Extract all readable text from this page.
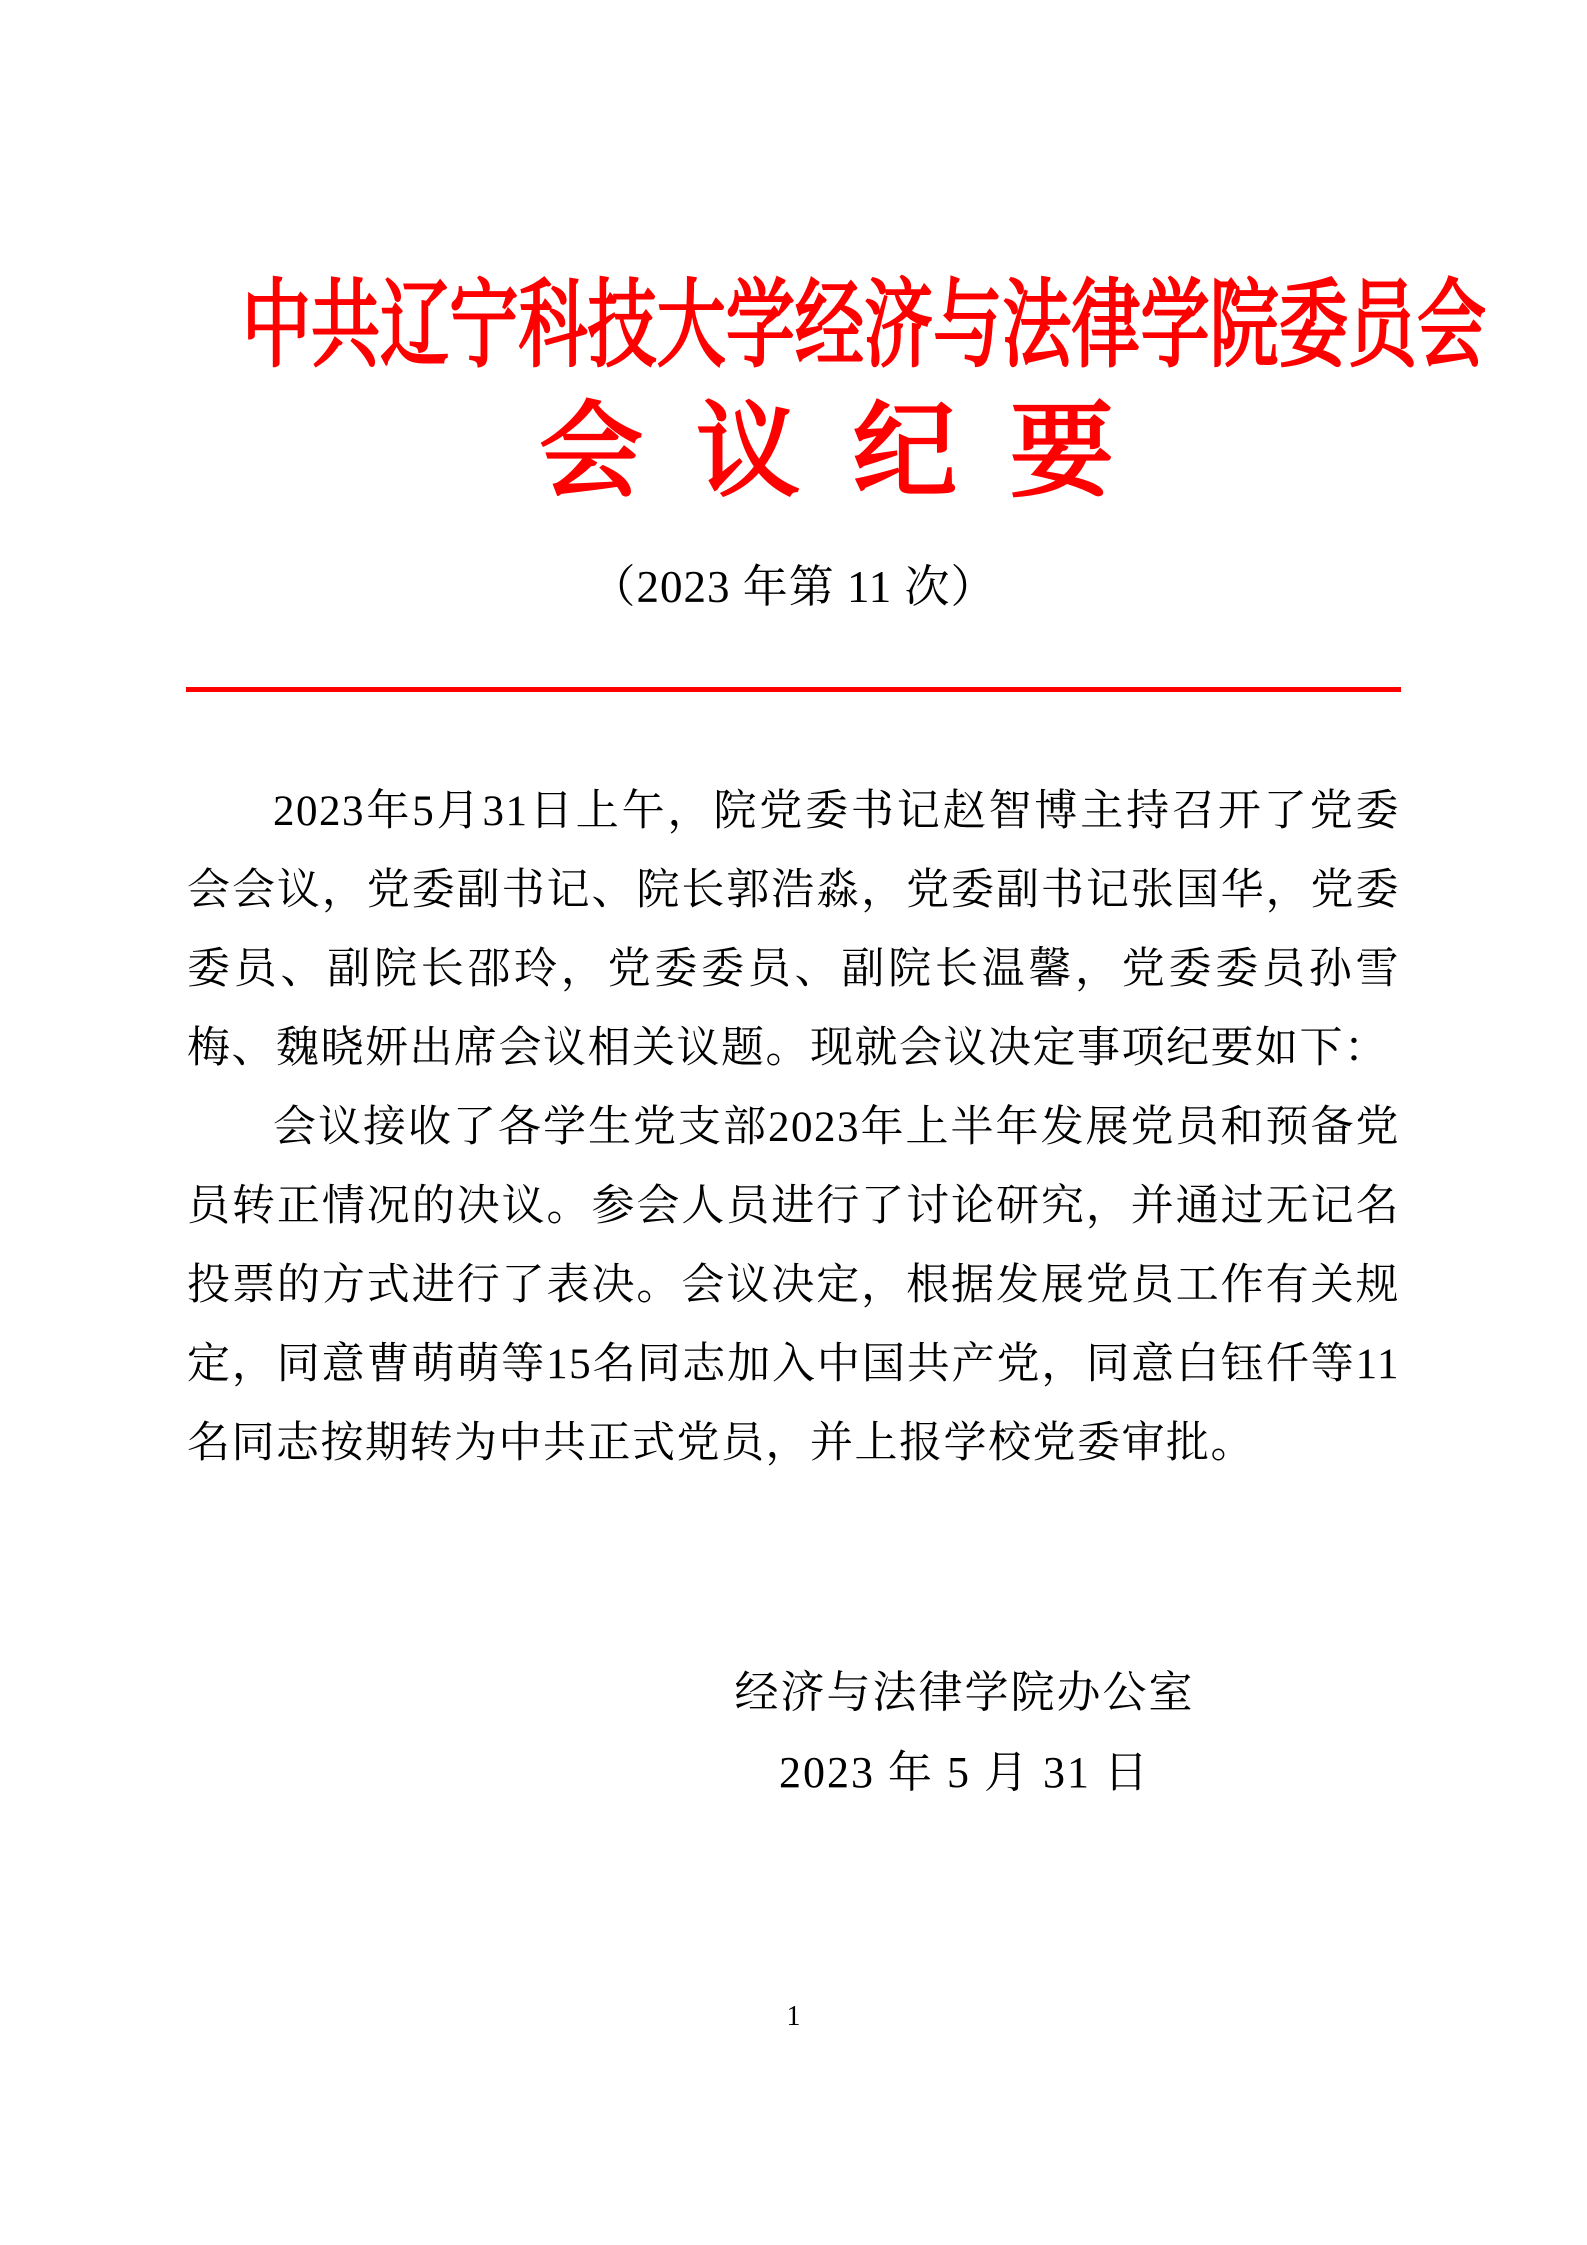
中共辽宁科技大学经济与法律学院委员会
会 议 纪 要
（2023 年第 11 次）

2023年5月31日上午，院党委书记赵智博主持召开了党委会会议，党委副书记、院长郭浩淼，党委副书记张国华，党委委员、副院长邵玲，党委委员、副院长温馨，党委委员孙雪梅、魏晓妍出席会议相关议题。现就会议决定事项纪要如下：

会议接收了各学生党支部2023年上半年发展党员和预备党员转正情况的决议。参会人员进行了讨论研究，并通过无记名投票的方式进行了表决。会议决定，根据发展党员工作有关规定，同意曹萌萌等15名同志加入中国共产党，同意白钰仟等11名同志按期转为中共正式党员，并上报学校党委审批。

经济与法律学院办公室
2023 年 5 月 31 日
1
